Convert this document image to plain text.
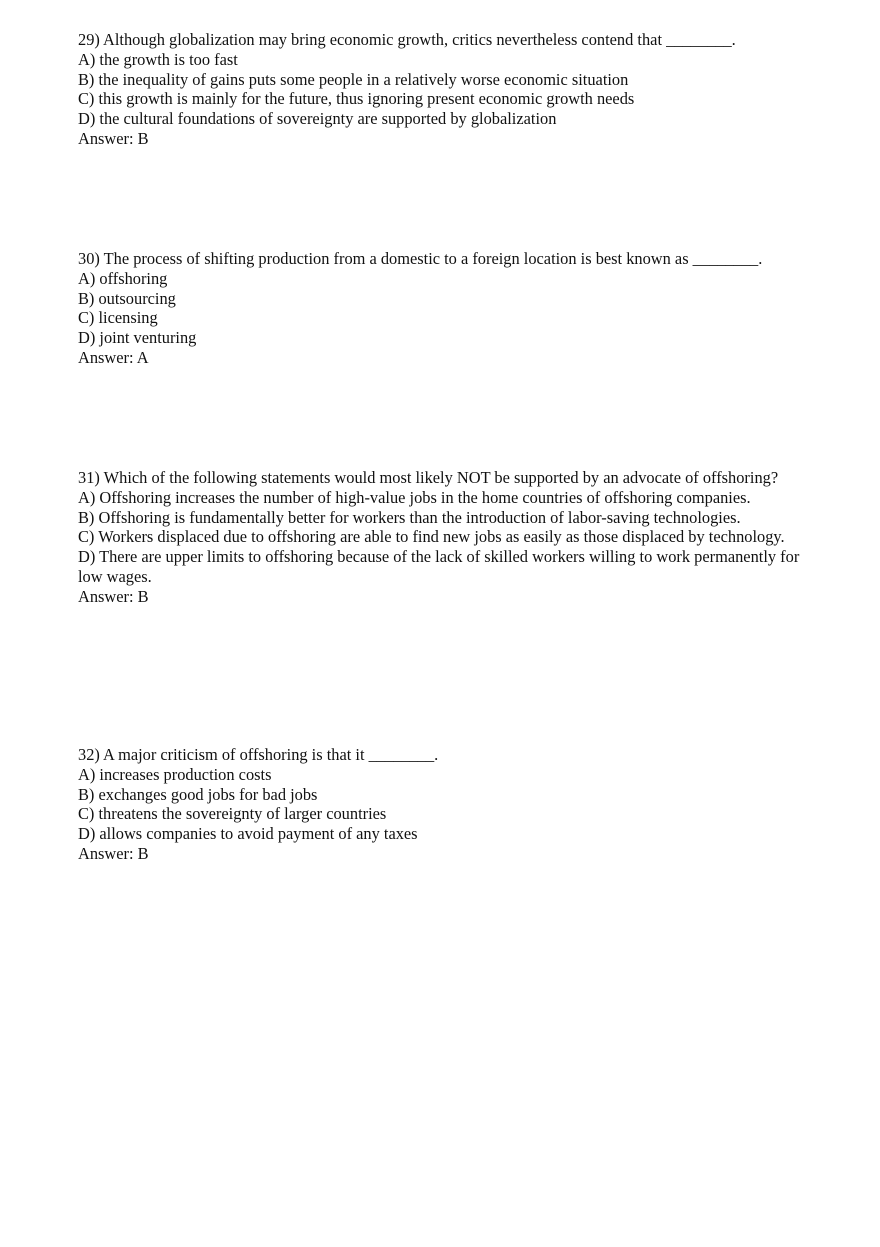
29) Although globalization may bring economic growth, critics nevertheless contend that ________.
A) the growth is too fast
B) the inequality of gains puts some people in a relatively worse economic situation
C) this growth is mainly for the future, thus ignoring present economic growth needs
D) the cultural foundations of sovereignty are supported by globalization
Answer: B
30) The process of shifting production from a domestic to a foreign location is best known as ________.
A) offshoring
B) outsourcing
C) licensing
D) joint venturing
Answer: A
31) Which of the following statements would most likely NOT be supported by an advocate of offshoring?
A) Offshoring increases the number of high-value jobs in the home countries of offshoring companies.
B) Offshoring is fundamentally better for workers than the introduction of labor-saving technologies.
C) Workers displaced due to offshoring are able to find new jobs as easily as those displaced by technology.
D) There are upper limits to offshoring because of the lack of skilled workers willing to work permanently for low wages.
Answer: B
32) A major criticism of offshoring is that it ________.
A) increases production costs
B) exchanges good jobs for bad jobs
C) threatens the sovereignty of larger countries
D) allows companies to avoid payment of any taxes
Answer: B
